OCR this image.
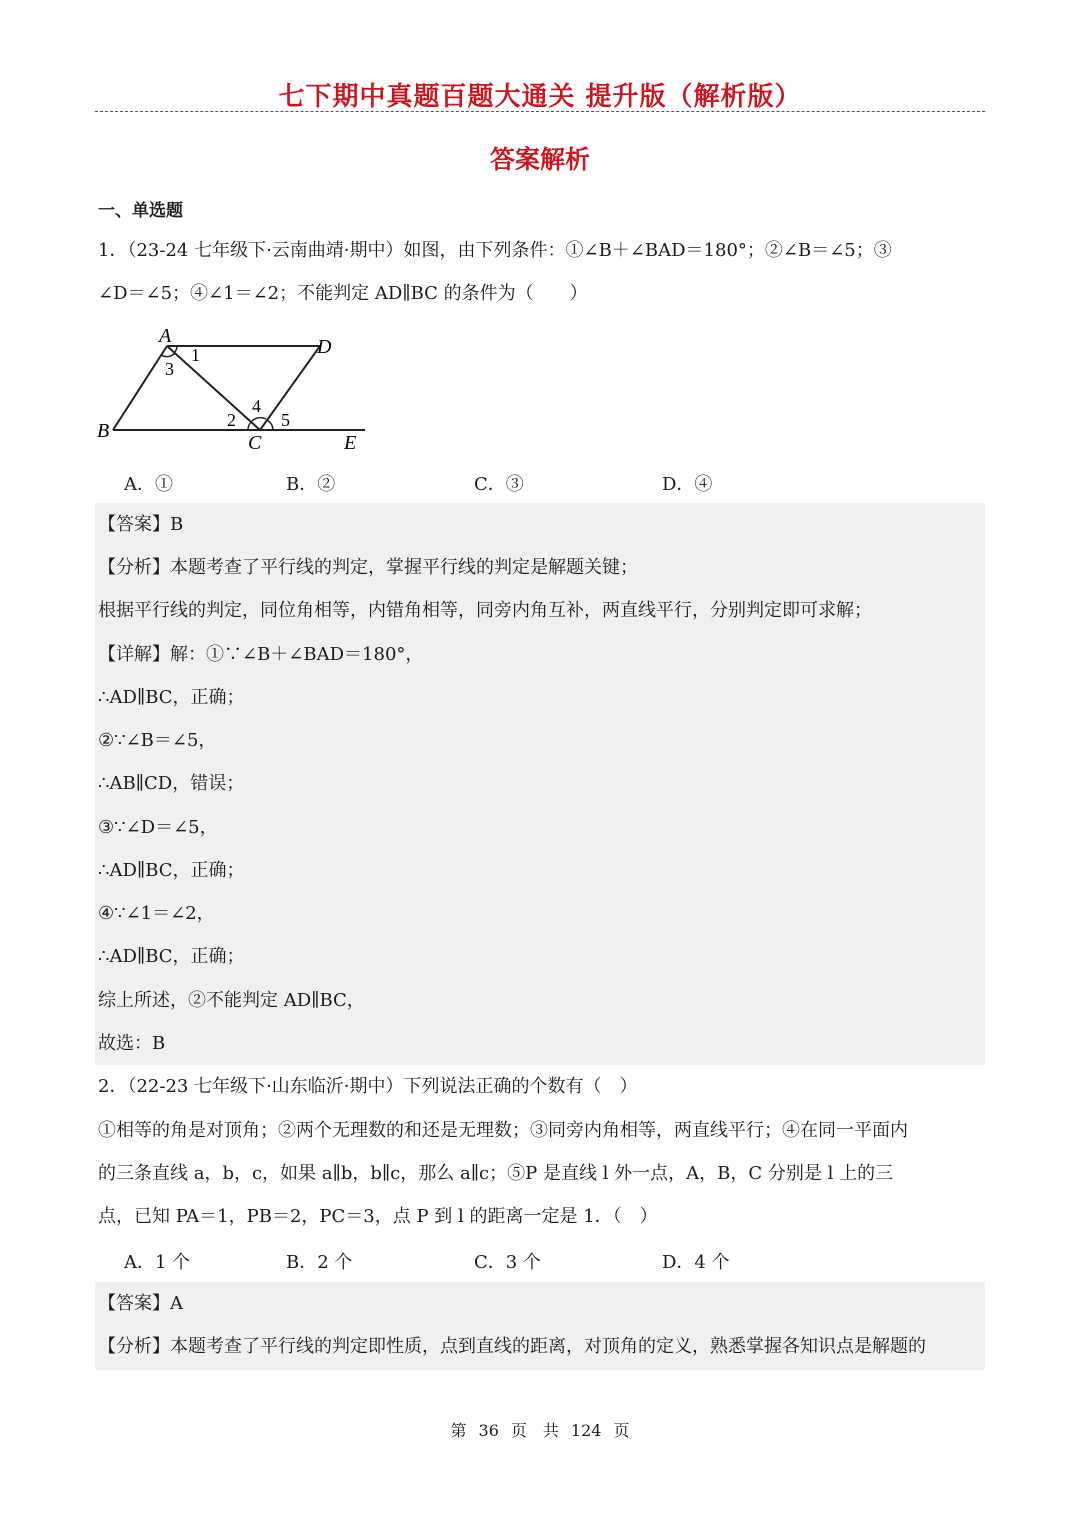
七下期中真题百题大通关 提升版（解析版）
答案解析
一、单选题
1．（23-24 七年级下·云南曲靖·期中）如图，由下列条件：①∠B＋∠BAD＝180°；②∠B＝∠5；③
∠D＝∠5；④∠1＝∠2；不能判定 AD∥BC 的条件为（　　）
A	D
B
C	E
1
3
2
4
5
A．①	B．②	C．③	D．④
【答案】B
【分析】本题考查了平行线的判定，掌握平行线的判定是解题关键；
根据平行线的判定，同位角相等，内错角相等，同旁内角互补，两直线平行，分别判定即可求解；
【详解】解：①∵∠B＋∠BAD＝180°，
∴AD∥BC，正确；
②∵∠B＝∠5，
∴AB∥CD，错误；
③∵∠D＝∠5，
∴AD∥BC，正确；
④∵∠1＝∠2，
∴AD∥BC，正确；
综上所述，②不能判定 AD∥BC，
故选：B
2．（22-23 七年级下·山东临沂·期中）下列说法正确的个数有（　）
①相等的角是对顶角；②两个无理数的和还是无理数；③同旁内角相等，两直线平行；④在同一平面内
的三条直线 a，b，c，如果 a∥b，b∥c，那么 a∥c；⑤P 是直线 l 外一点，A，B，C 分别是 l 上的三
点，已知 PA＝1，PB＝2，PC＝3，点 P 到 l 的距离一定是 1．（　）
A．1 个	B．2 个	C．3 个	D．4 个
【答案】A
【分析】本题考查了平行线的判定即性质，点到直线的距离，对顶角的定义，熟悉掌握各知识点是解题的
第 36 页　共 124 页
